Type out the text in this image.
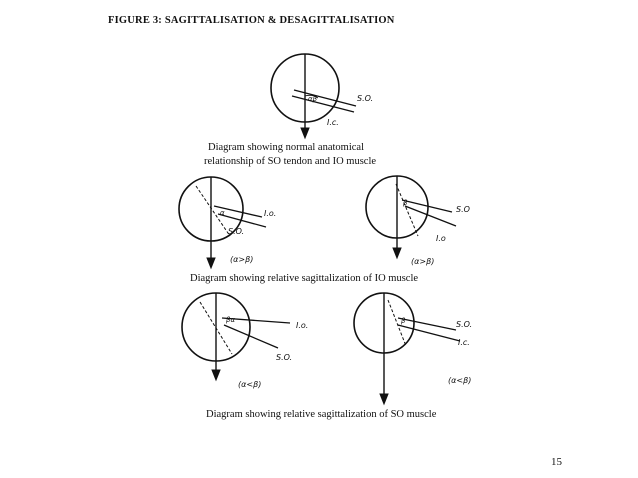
FIGURE 3: SAGITTALISATION & DESAGITTALISATION
αβ	S.O.
I.c.
α	I.o.
S.O.
(α>β)
β
S.O
I.o
(α>β)
βα
I.o.
S.O.
(α<β)
β	S.O.
I.c.
(α<β)
Diagram showing normal anatomical
relationship of SO tendon and IO muscle
Diagram showing relative sagittalization of IO muscle
Diagram showing relative sagittalization of SO muscle
15
